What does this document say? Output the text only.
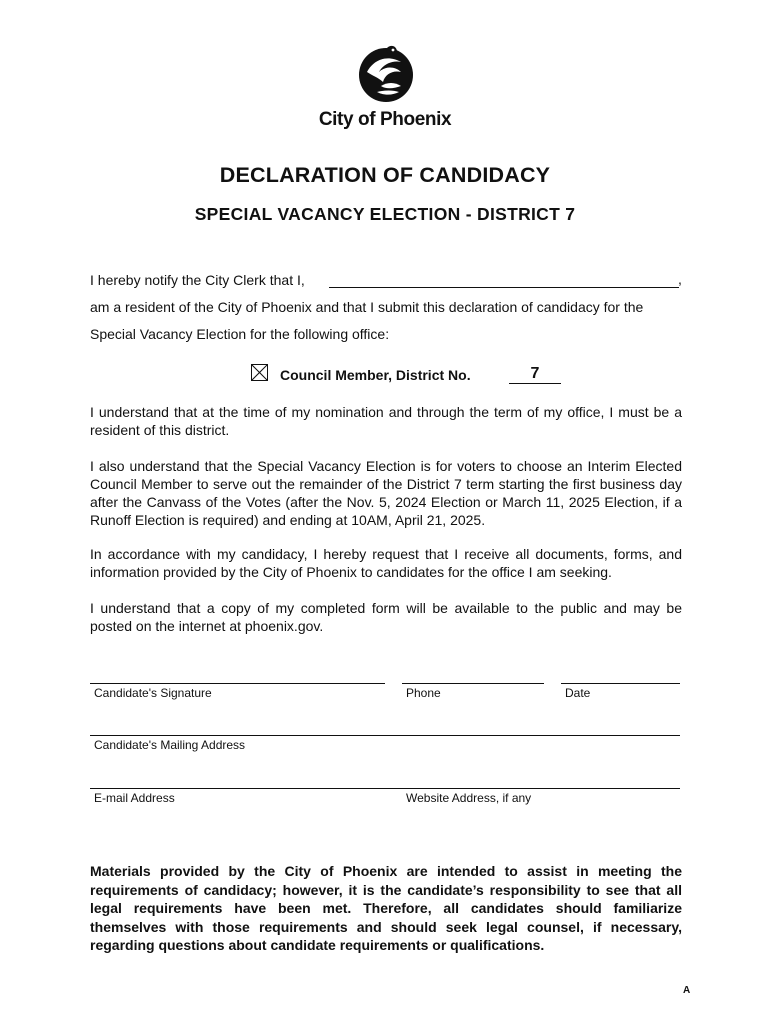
City of Phoenix
DECLARATION OF CANDIDACY
SPECIAL VACANCY ELECTION - DISTRICT 7
I hereby notify the City Clerk that I,	,
am a resident of the City of Phoenix and that I submit this declaration of candidacy for the
Special Vacancy Election for the following office:
Council Member, District No.	7
I understand that at the time of my nomination and through the term of my office, I must be a resident of this district.
I also understand that the Special Vacancy Election is for voters to choose an Interim Elected Council Member to serve out the remainder of the District 7 term starting the first business day after the Canvass of the Votes (after the Nov. 5, 2024 Election or March 11, 2025 Election, if a Runoff Election is required) and ending at 10AM, April 21, 2025.
In accordance with my candidacy, I hereby request that I receive all documents, forms, and information provided by the City of Phoenix to candidates for the office I am seeking.
I understand that a copy of my completed form will be available to the public and may be posted on the internet at phoenix.gov.
Candidate's Signature	Phone	Date
Candidate's Mailing Address
E-mail Address	Website Address, if any
Materials provided by the City of Phoenix are intended to assist in meeting the requirements of candidacy; however, it is the candidate’s responsibility to see that all legal requirements have been met. Therefore, all candidates should familiarize themselves with those requirements and should seek legal counsel, if necessary, regarding questions about candidate requirements or qualifications.
A
